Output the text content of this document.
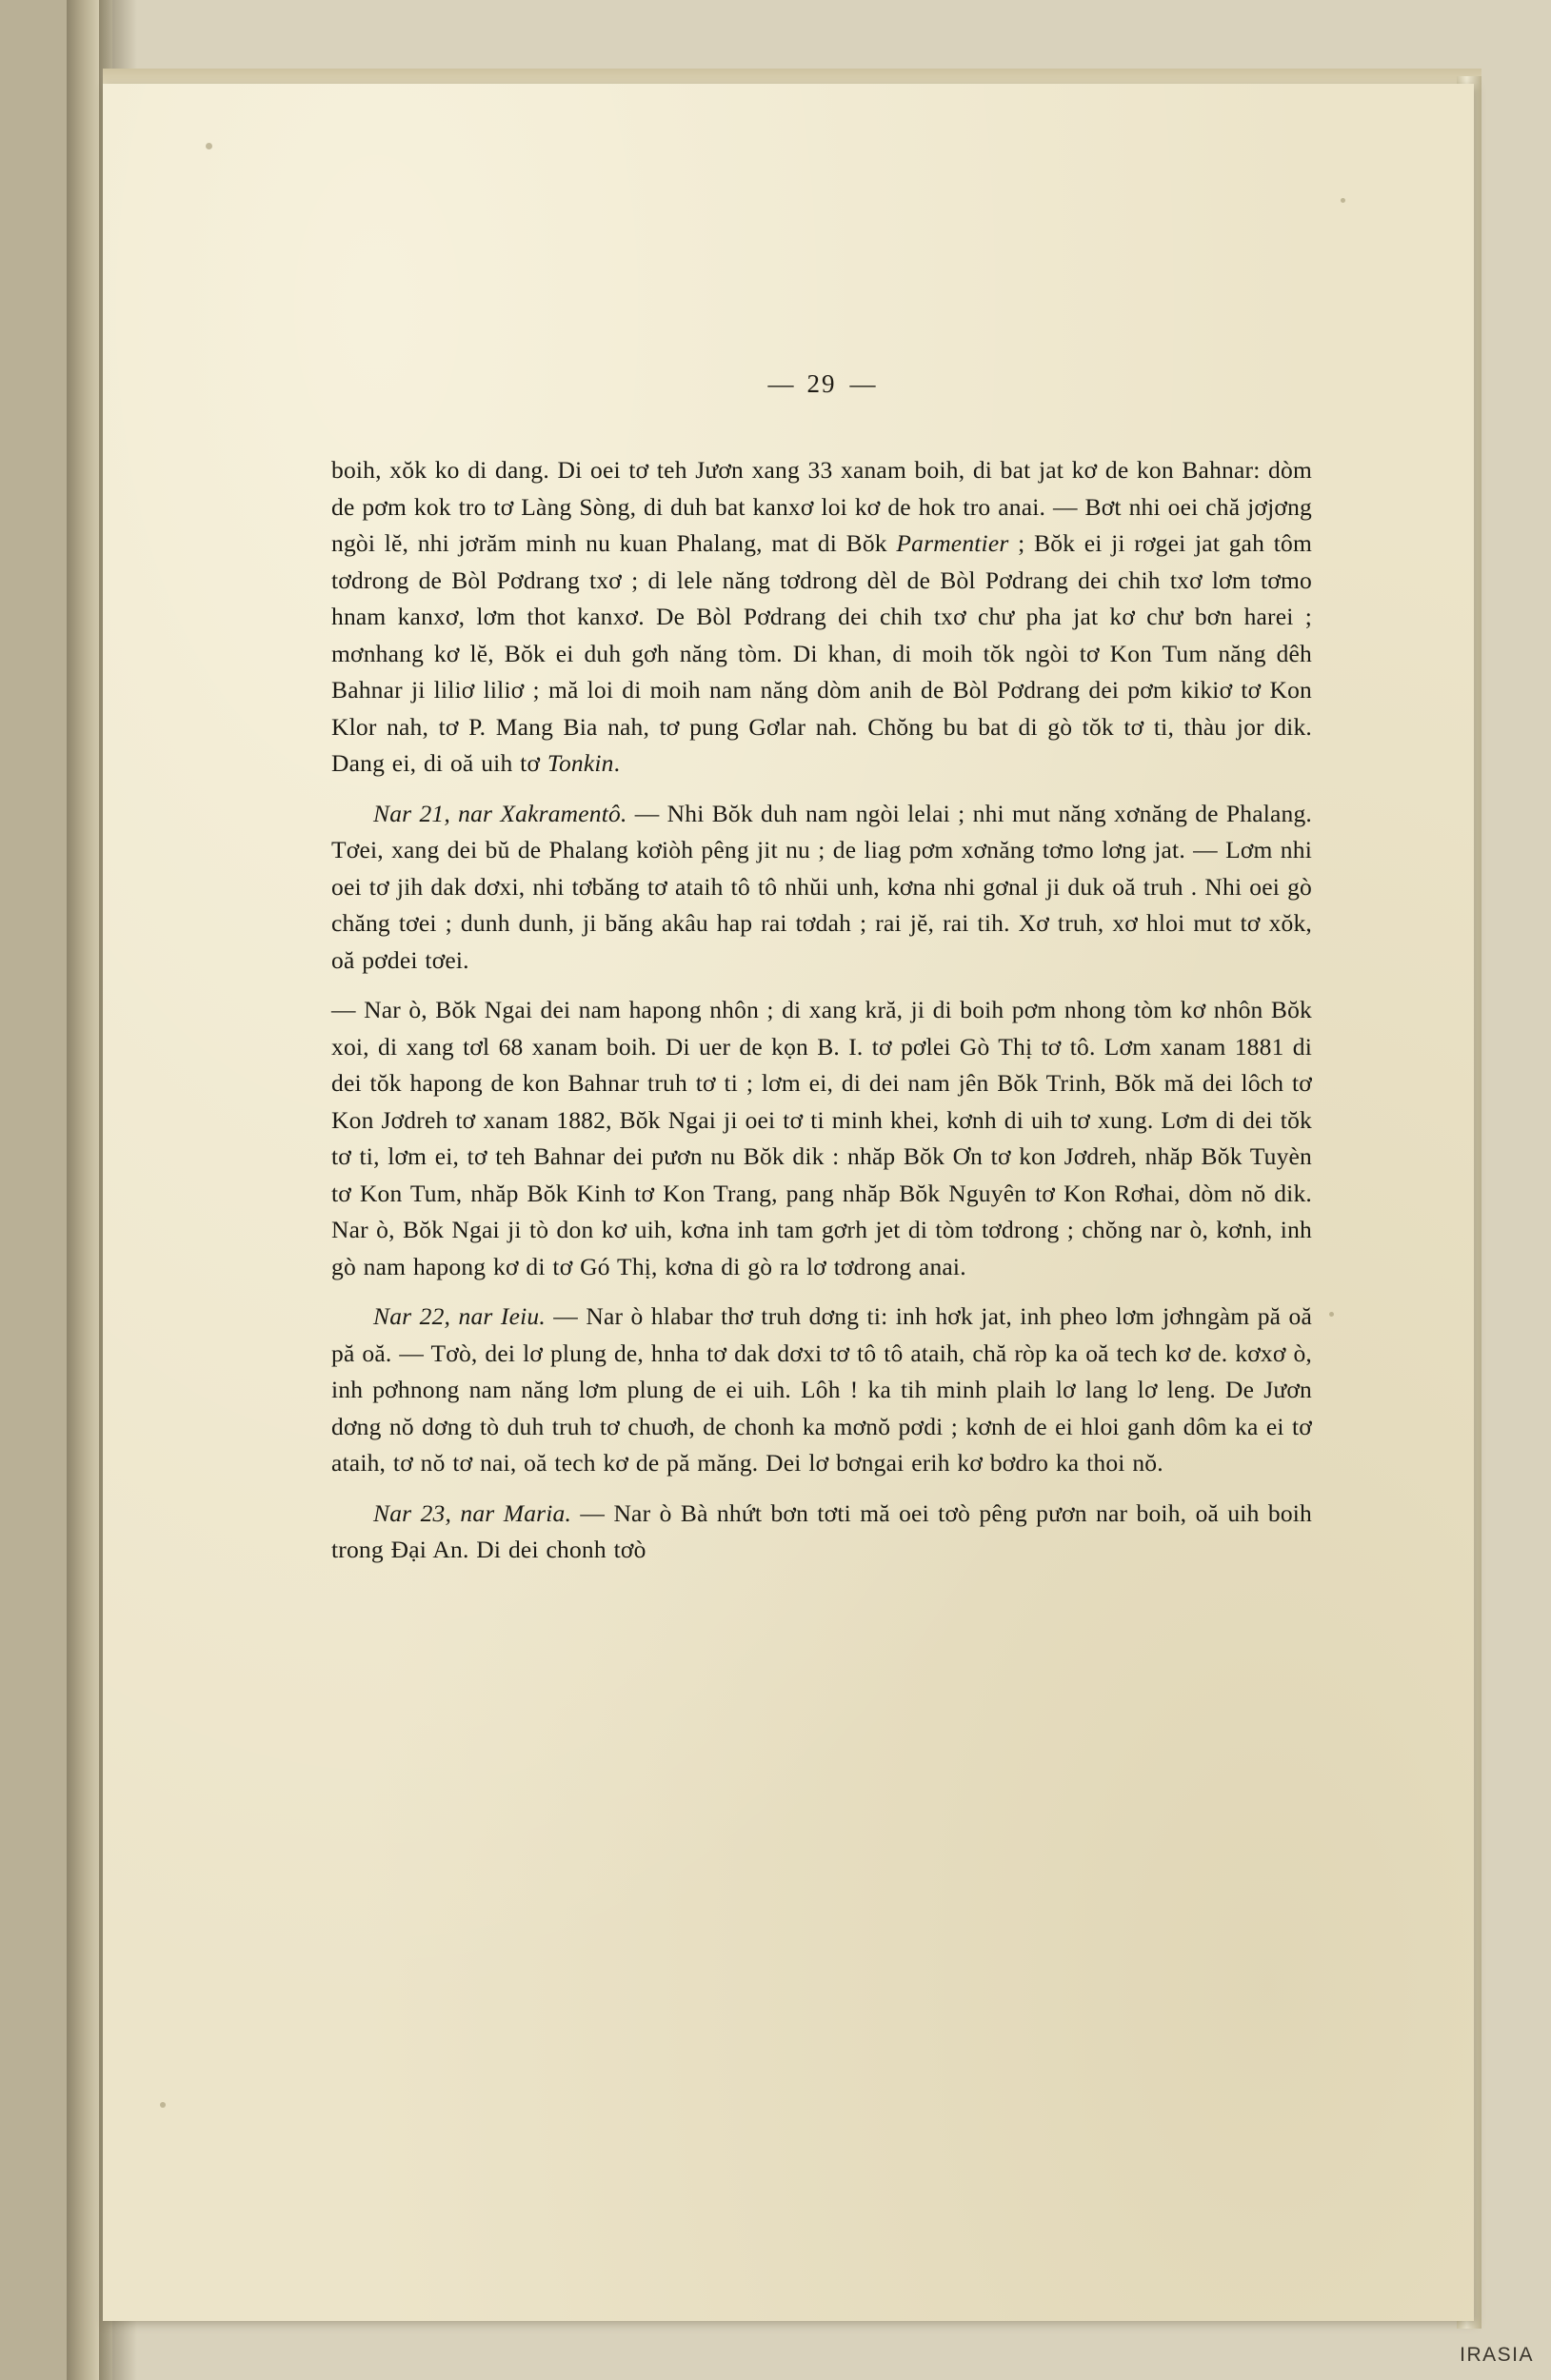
— 29 —

boih, xŏk ko di dang. Di oei tơ teh Jươn xang 33 xanam boih, di bat jat kơ de kon Bahnar: dòm de pơm kok tro tơ Làng Sòng, di duh bat kanxơ loi kơ de hok tro anai. — Bơt nhi oei chă jơjơng ngòi lĕ, nhi jơrăm minh nu kuan Phalang, mat di Bŏk Parmentier ; Bŏk ei ji rơgei jat gah tôm tơdrong de Bòl Pơdrang txơ ; di lele năng tơdrong dèl de Bòl Pơdrang dei chih txơ lơm tơmo hnam kanxơ, lơm thot kanxơ. De Bòl Pơdrang dei chih txơ chư pha jat kơ chư bơn harei ; mơnhang kơ lĕ, Bŏk ei duh gơh năng tòm. Di khan, di moih tŏk ngòi tơ Kon Tum năng dêh Bahnar ji liliơ liliơ ; mă loi di moih nam năng dòm anih de Bòl Pơdrang dei pơm kikiơ tơ Kon Klor nah, tơ P. Mang Bia nah, tơ pung Gơlar nah. Chŏng bu bat di gò tŏk tơ ti, thàu jor dik. Dang ei, di oă uih tơ Tonkin.

Nar 21, nar Xakramentô. — Nhi Bŏk duh nam ngòi lelai ; nhi mut năng xơnăng de Phalang. Tơei, xang dei bŭ de Phalang kơiòh pêng jit nu ; de liag pơm xơnăng tơmo lơng jat. — Lơm nhi oei tơ jih dak dơxi, nhi tơbăng tơ ataih tô tô nhŭi unh, kơna nhi gơnal ji duk oă truh . Nhi oei gò chăng tơei ; dunh dunh, ji băng akâu hap rai tơdah ; rai jĕ, rai tih. Xơ truh, xơ hloi mut tơ xŏk, oă pơdei tơei.

— Nar ò, Bŏk Ngai dei nam hapong nhôn ; di xang kră, ji di boih pơm nhong tòm kơ nhôn Bŏk xoi, di xang tơl 68 xanam boih. Di uer de kọn B. I. tơ pơlei Gò Thị tơ tô. Lơm xanam 1881 di dei tŏk hapong de kon Bahnar truh tơ ti ; lơm ei, di dei nam jên Bŏk Trinh, Bŏk mă dei lôch tơ Kon Jơdreh tơ xanam 1882, Bŏk Ngai ji oei tơ ti minh khei, kơnh di uih tơ xung. Lơm di dei tŏk tơ ti, lơm ei, tơ teh Bahnar dei pươn nu Bŏk dik : nhăp Bŏk Ơn tơ kon Jơdreh, nhăp Bŏk Tuyèn tơ Kon Tum, nhăp Bŏk Kinh tơ Kon Trang, pang nhăp Bŏk Nguyên tơ Kon Rơhai, dòm nŏ dik. Nar ò, Bŏk Ngai ji tò don kơ uih, kơna inh tam gơrh jet di tòm tơdrong ; chŏng nar ò, kơnh, inh gò nam hapong kơ di tơ Gó Thị, kơna di gò ra lơ tơdrong anai.

Nar 22, nar Ieiu. — Nar ò hlabar thơ truh dơng ti: inh hơk jat, inh pheo lơm jơhngàm pă oă pă oă. — Tơò, dei lơ plung de, hnha tơ dak dơxi tơ tô tô ataih, chă ròp ka oă tech kơ de. kơxơ ò, inh pơhnong nam năng lơm plung de ei uih. Lôh ! ka tih minh plaih lơ lang lơ leng. De Jươn dơng nŏ dơng tò duh truh tơ chuơh, de chonh ka mơnŏ pơdi ; kơnh de ei hloi ganh dôm ka ei tơ ataih, tơ nŏ tơ nai, oă tech kơ de pă măng. Dei lơ bơngai erih kơ bơdro ka thoi nŏ.

Nar 23, nar Maria. — Nar ò Bà nhứt bơn tơti mă oei tơò pêng pươn nar boih, oă uih boih trong Đại An. Di dei chonh tơò

IRASIA
